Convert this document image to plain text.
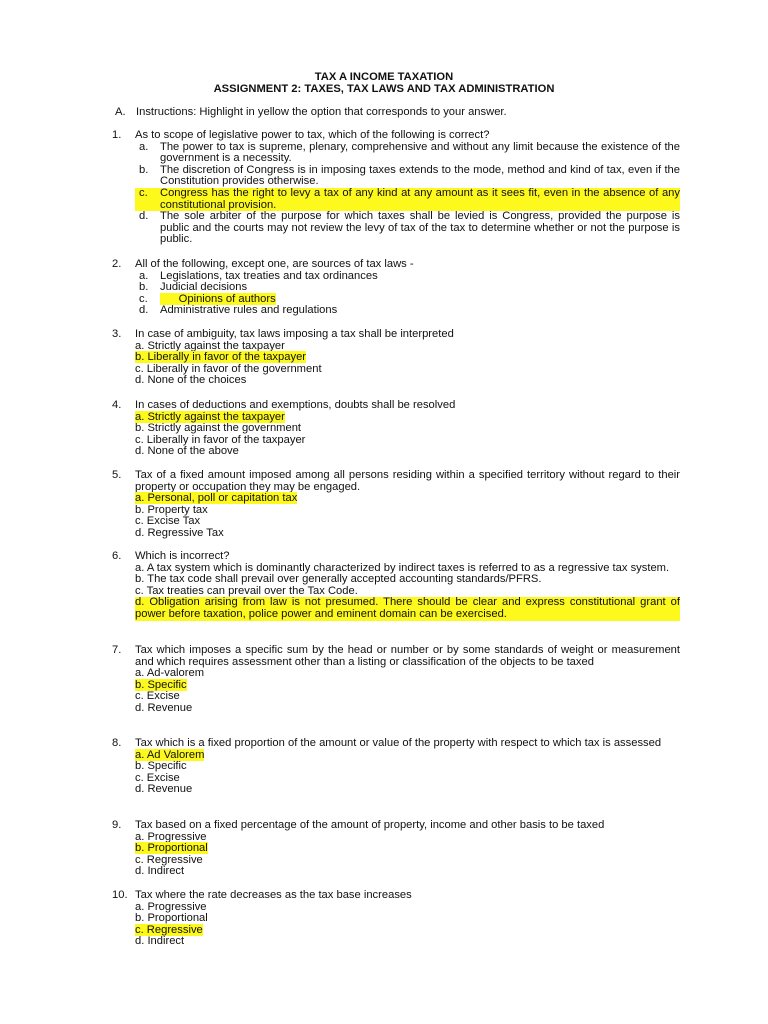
TAX A INCOME TAXATION
ASSIGNMENT 2: TAXES, TAX LAWS AND TAX ADMINISTRATION
A. Instructions: Highlight in yellow the option that corresponds to your answer.
1. As to scope of legislative power to tax, which of the following is correct?
a. The power to tax is supreme, plenary, comprehensive and without any limit because the existence of the government is a necessity.
b. The discretion of Congress is in imposing taxes extends to the mode, method and kind of tax, even if the Constitution provides otherwise.
c. Congress has the right to levy a tax of any kind at any amount as it sees fit, even in the absence of any constitutional provision.
d. The sole arbiter of the purpose for which taxes shall be levied is Congress, provided the purpose is public and the courts may not review the levy of tax of the tax to determine whether or not the purpose is public.
2. All of the following, except one, are sources of tax laws -
a. Legislations, tax treaties and tax ordinances
b. Judicial decisions
c.	Opinions of authors
d. Administrative rules and regulations
3. In case of ambiguity, tax laws imposing a tax shall be interpreted
a. Strictly against the taxpayer
b. Liberally in favor of the taxpayer
c. Liberally in favor of the government
d. None of the choices
4. In cases of deductions and exemptions, doubts shall be resolved
a. Strictly against the taxpayer
b. Strictly against the government
c. Liberally in favor of the taxpayer
d. None of the above
5. Tax of a fixed amount imposed among all persons residing within a specified territory without regard to their property or occupation they may be engaged.
a. Personal, poll or capitation tax
b. Property tax
c. Excise Tax
d. Regressive Tax
6. Which is incorrect?
a. A tax system which is dominantly characterized by indirect taxes is referred to as a regressive tax system.
b. The tax code shall prevail over generally accepted accounting standards/PFRS.
c. Tax treaties can prevail over the Tax Code.
d. Obligation arising from law is not presumed. There should be clear and express constitutional grant of power before taxation, police power and eminent domain can be exercised.
7. Tax which imposes a specific sum by the head or number or by some standards of weight or measurement and which requires assessment other than a listing or classification of the objects to be taxed
a. Ad-valorem
b. Specific
c. Excise
d. Revenue
8. Tax which is a fixed proportion of the amount or value of the property with respect to which tax is assessed
a. Ad Valorem
b. Specific
c. Excise
d. Revenue
9. Tax based on a fixed percentage of the amount of property, income and other basis to be taxed
a. Progressive
b. Proportional
c. Regressive
d. Indirect
10. Tax where the rate decreases as the tax base increases
a. Progressive
b. Proportional
c. Regressive
d. Indirect
